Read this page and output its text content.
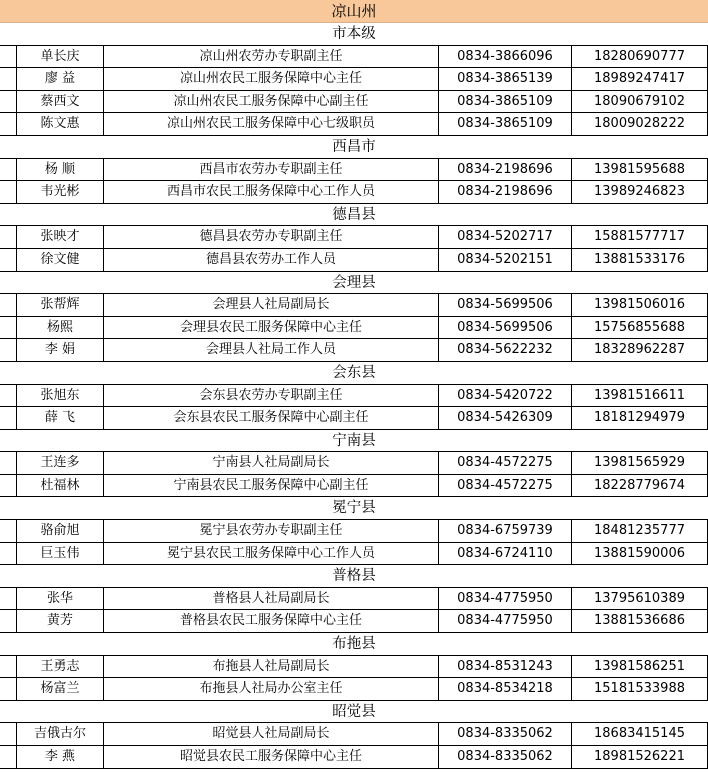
凉山州
市本级
单长庆	凉山州农劳办专职副主任	0834-3866096	18280690777
廖 益	凉山州农民工服务保障中心主任	0834-3865139	18989247417
蔡西文	凉山州农民工服务保障中心副主任	0834-3865109	18090679102
陈文惠	凉山州农民工服务保障中心七级职员	0834-3865109	18009028222
西昌市
杨 顺	西昌市农劳办专职副主任	0834-2198696	13981595688
韦光彬	西昌市农民工服务保障中心工作人员	0834-2198696	13989246823
德昌县
张映才	德昌县农劳办专职副主任	0834-5202717	15881577717
徐文健	德昌县农劳办工作人员	0834-5202151	13881533176
会理县
张帮辉	会理县人社局副局长	0834-5699506	13981506016
杨熙	会理县农民工服务保障中心主任	0834-5699506	15756855688
李 娟	会理县人社局工作人员	0834-5622232	18328962287
会东县
张旭东	会东县农劳办专职副主任	0834-5420722	13981516611
薛 飞	会东县农民工服务保障中心副主任	0834-5426309	18181294979
宁南县
王连多	宁南县人社局副局长	0834-4572275	13981565929
杜福林	宁南县农民工服务保障中心副主任	0834-4572275	18228779674
冕宁县
骆俞旭	冕宁县农劳办专职副主任	0834-6759739	18481235777
巨玉伟	冕宁县农民工服务保障中心工作人员	0834-6724110	13881590006
普格县
张华	普格县人社局副局长	0834-4775950	13795610389
黄芳	普格县农民工服务保障中心主任	0834-4775950	13881536686
布拖县
王勇志	布拖县人社局副局长	0834-8531243	13981586251
杨富兰	布拖县人社局办公室主任	0834-8534218	15181533988
昭觉县
吉俄古尔	昭觉县人社局副局长	0834-8335062	18683415145
李 燕	昭觉县农民工服务保障中心主任	0834-8335062	18981526221
